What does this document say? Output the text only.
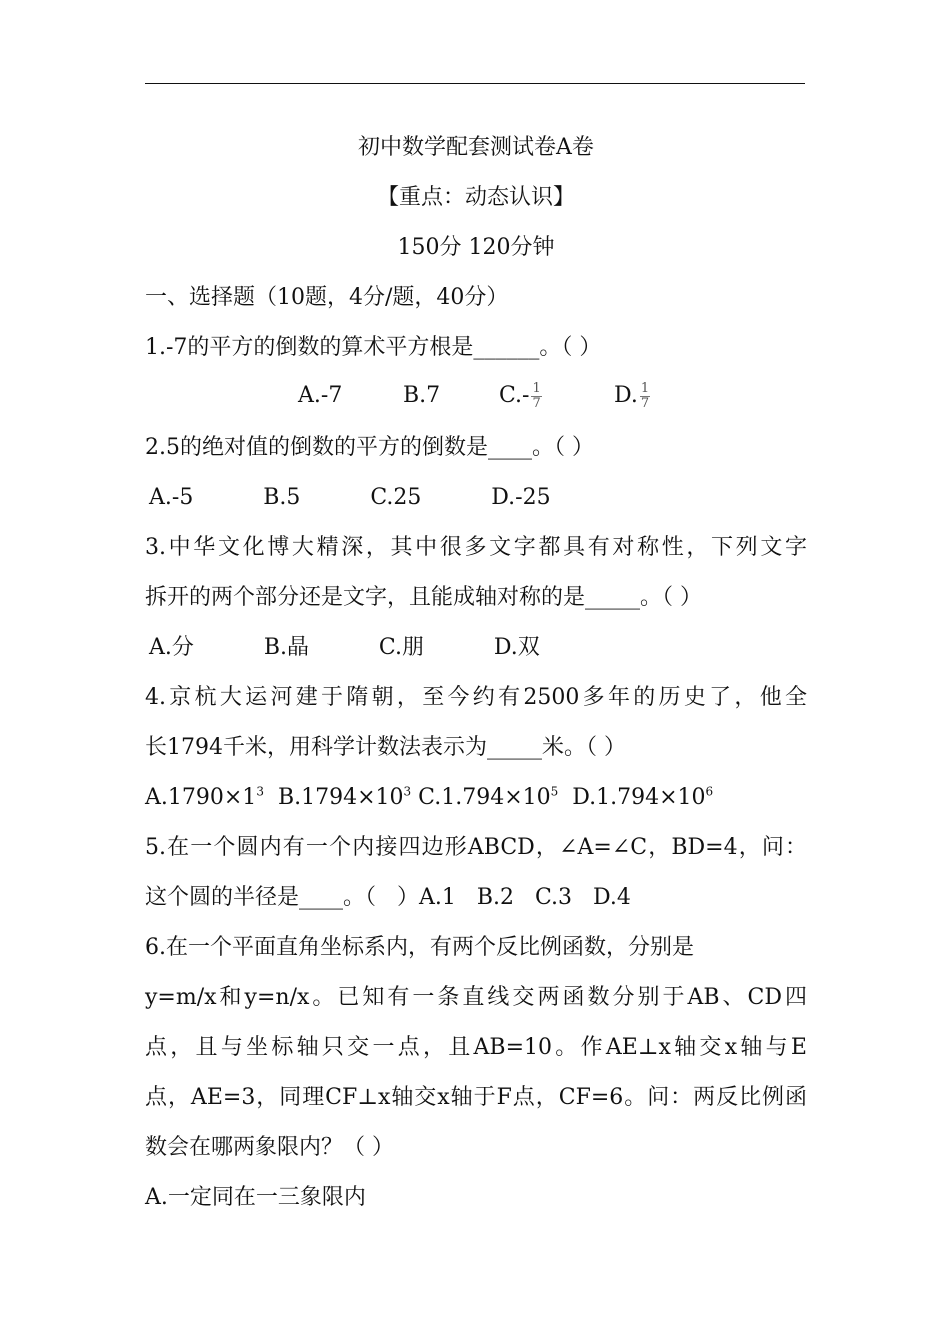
初中数学配套测试卷A卷
【重点：动态认识】
150分 120分钟
一、选择题（10题，4分/题，40分）
1.-7的平方的倒数的算术平方根是______。（ ）
A.-7	B.7	$C.- \frac{1}{7}$	D. $\frac{1}{7}$
2.5的绝对值的倒数的平方的倒数是____。（ ）
A.-5          B.5          C.25          D.-25
3.中华文化博大精深，其中很多文字都具有对称性，下列文字
拆开的两个部分还是文字，且能成轴对称的是_____。（ ）
A.分          B.晶          C.朋          D.双
4.京杭大运河建于隋朝，至今约有2500多年的历史了，他全
长1794千米，用科学计数法表示为_____米。（ ）
$A.1790\times 1^3$ $B.1794\times 10^3$ $C.1.794\times 10^5$ $D.1.794\times 10^6$
5.在一个圆内有一个内接四边形ABCD，∠A=∠C，BD=4，问：
这个圆的半径是____。（   ）A.1   B.2   C.3   D.4
6.在一个平面直角坐标系内，有两个反比例函数，分别是
y=m/x和y=n/x。已知有一条直线交两函数分别于AB、CD四
点，且与坐标轴只交一点，且AB=10。作AE⊥x轴交x轴与E
点，AE=3，同理CF⊥x轴交x轴于F点，CF=6。问：两反比例函
数会在哪两象限内？（ ）
A.一定同在一三象限内
